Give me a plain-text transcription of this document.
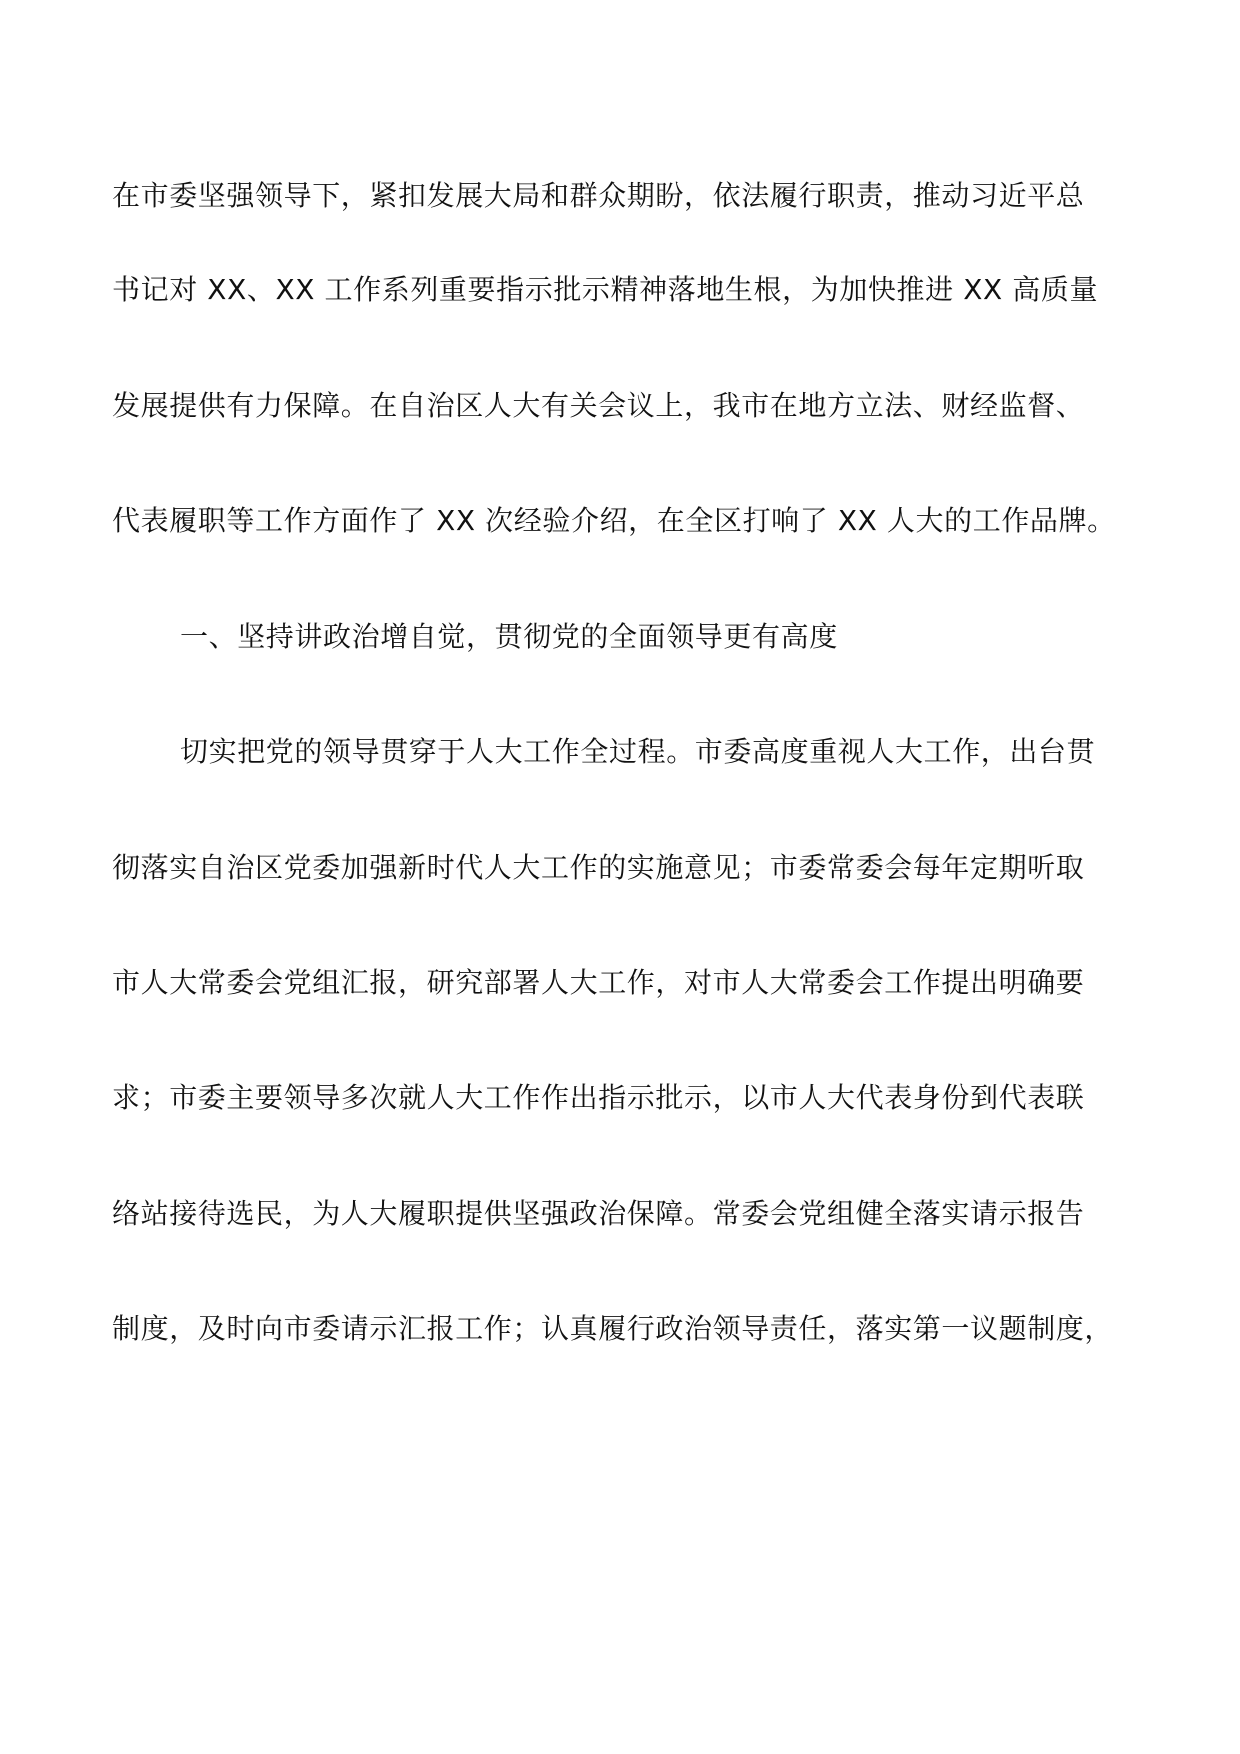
在市委坚强领导下，紧扣发展大局和群众期盼，依法履行职责，推动习近平总
书记对 XX、XX 工作系列重要指示批示精神落地生根，为加快推进 XX 高质量
发展提供有力保障。在自治区人大有关会议上，我市在地方立法、财经监督、
代表履职等工作方面作了 XX 次经验介绍，在全区打响了 XX 人大的工作品牌。
一、坚持讲政治增自觉，贯彻党的全面领导更有高度
切实把党的领导贯穿于人大工作全过程。市委高度重视人大工作，出台贯
彻落实自治区党委加强新时代人大工作的实施意见；市委常委会每年定期听取
市人大常委会党组汇报，研究部署人大工作，对市人大常委会工作提出明确要
求；市委主要领导多次就人大工作作出指示批示，以市人大代表身份到代表联
络站接待选民，为人大履职提供坚强政治保障。常委会党组健全落实请示报告
制度，及时向市委请示汇报工作；认真履行政治领导责任，落实第一议题制度，
